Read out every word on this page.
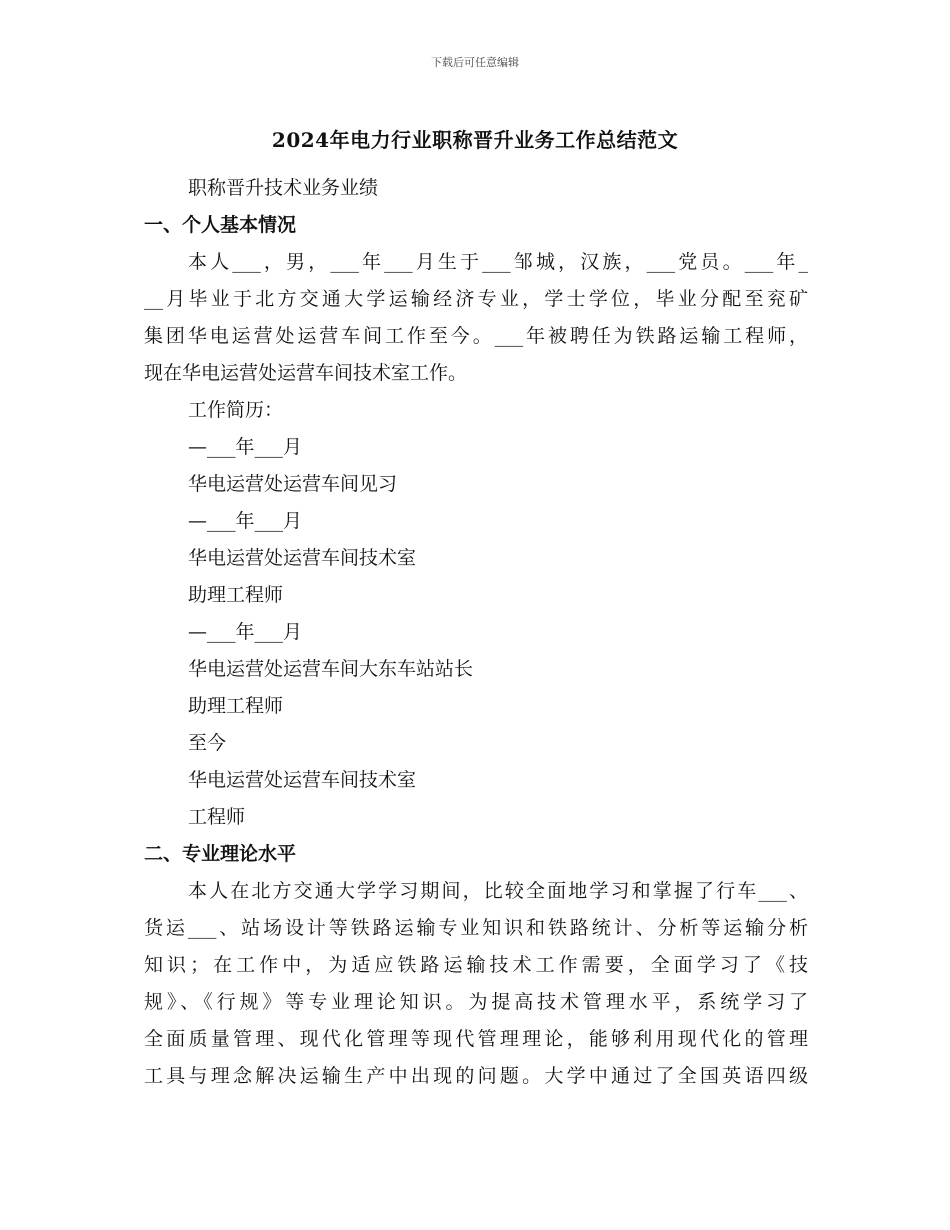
下载后可任意编辑
2024年电力行业职称晋升业务工作总结范文
职称晋升技术业务业绩
一、个人基本情况
本人___，男，___年___月生于___邹城，汉族，___党员。___年_
__月毕业于北方交通大学运输经济专业，学士学位，毕业分配至兖矿
集团华电运营处运营车间工作至今。___年被聘任为铁路运输工程师，
现在华电运营处运营车间技术室工作。
工作简历：
—___年___月
华电运营处运营车间见习
—___年___月
华电运营处运营车间技术室
助理工程师
—___年___月
华电运营处运营车间大东车站站长
助理工程师
至今
华电运营处运营车间技术室
工程师
二、专业理论水平
本人在北方交通大学学习期间，比较全面地学习和掌握了行车___、
货运___、站场设计等铁路运输专业知识和铁路统计、分析等运输分析
知识；在工作中，为适应铁路运输技术工作需要，全面学习了《技
规》、《行规》等专业理论知识。为提高技术管理水平，系统学习了
全面质量管理、现代化管理等现代管理理论，能够利用现代化的管理
工具与理念解决运输生产中出现的问题。大学中通过了全国英语四级
